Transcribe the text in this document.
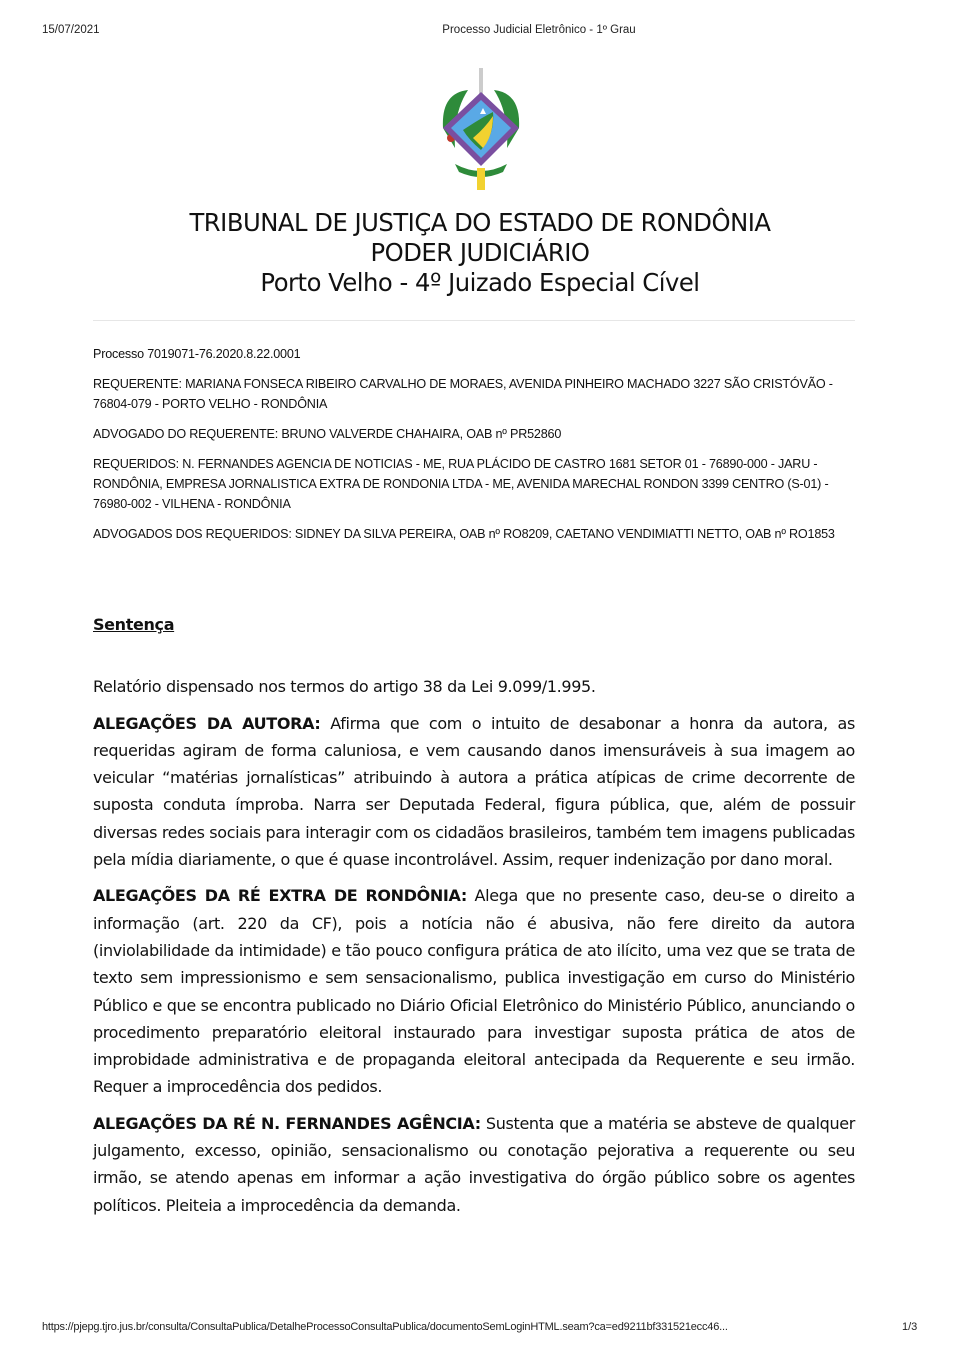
15/07/2021	Processo Judicial Eletrônico - 1º Grau
TRIBUNAL DE JUSTIÇA DO ESTADO DE RONDÔNIA
PODER JUDICIÁRIO
Porto Velho - 4º Juizado Especial Cível

Processo 7019071-76.2020.8.22.0001

REQUERENTE: MARIANA FONSECA RIBEIRO CARVALHO DE MORAES, AVENIDA PINHEIRO MACHADO 3227 SÃO CRISTÓVÃO - 76804-079 - PORTO VELHO - RONDÔNIA

ADVOGADO DO REQUERENTE: BRUNO VALVERDE CHAHAIRA, OAB nº PR52860

REQUERIDOS: N. FERNANDES AGENCIA DE NOTICIAS - ME, RUA PLÁCIDO DE CASTRO 1681 SETOR 01 - 76890-000 - JARU - RONDÔNIA, EMPRESA JORNALISTICA EXTRA DE RONDONIA LTDA - ME, AVENIDA MARECHAL RONDON 3399 CENTRO (S-01) - 76980-002 - VILHENA - RONDÔNIA

ADVOGADOS DOS REQUERIDOS: SIDNEY DA SILVA PEREIRA, OAB nº RO8209, CAETANO VENDIMIATTI NETTO, OAB nº RO1853

Sentença

Relatório dispensado nos termos do artigo 38 da Lei 9.099/1.995.

ALEGAÇÕES DA AUTORA: Afirma que com o intuito de desabonar a honra da autora, as requeridas agiram de forma caluniosa, e vem causando danos imensuráveis à sua imagem ao veicular “matérias jornalísticas” atribuindo à autora a prática atípicas de crime decorrente de suposta conduta ímproba. Narra ser Deputada Federal, figura pública, que, além de possuir diversas redes sociais para interagir com os cidadãos brasileiros, também tem imagens publicadas pela mídia diariamente, o que é quase incontrolável. Assim, requer indenização por dano moral.

ALEGAÇÕES DA RÉ EXTRA DE RONDÔNIA: Alega que no presente caso, deu-se o direito a informação (art. 220 da CF), pois a notícia não é abusiva, não fere direito da autora (inviolabilidade da intimidade) e tão pouco configura prática de ato ilícito, uma vez que se trata de texto sem impressionismo e sem sensacionalismo, publica investigação em curso do Ministério Público e que se encontra publicado no Diário Oficial Eletrônico do Ministério Público, anunciando o procedimento preparatório eleitoral instaurado para investigar suposta prática de atos de improbidade administrativa e de propaganda eleitoral antecipada da Requerente e seu irmão. Requer a improcedência dos pedidos.

ALEGAÇÕES DA RÉ N. FERNANDES AGÊNCIA: Sustenta que a matéria se absteve de qualquer julgamento, excesso, opinião, sensacionalismo ou conotação pejorativa a requerente ou seu irmão, se atendo apenas em informar a ação investigativa do órgão público sobre os agentes políticos. Pleiteia a improcedência da demanda.

https://pjepg.tjro.jus.br/consulta/ConsultaPublica/DetalheProcessoConsultaPublica/documentoSemLoginHTML.seam?ca=ed9211bf331521ecc46...	1/3
